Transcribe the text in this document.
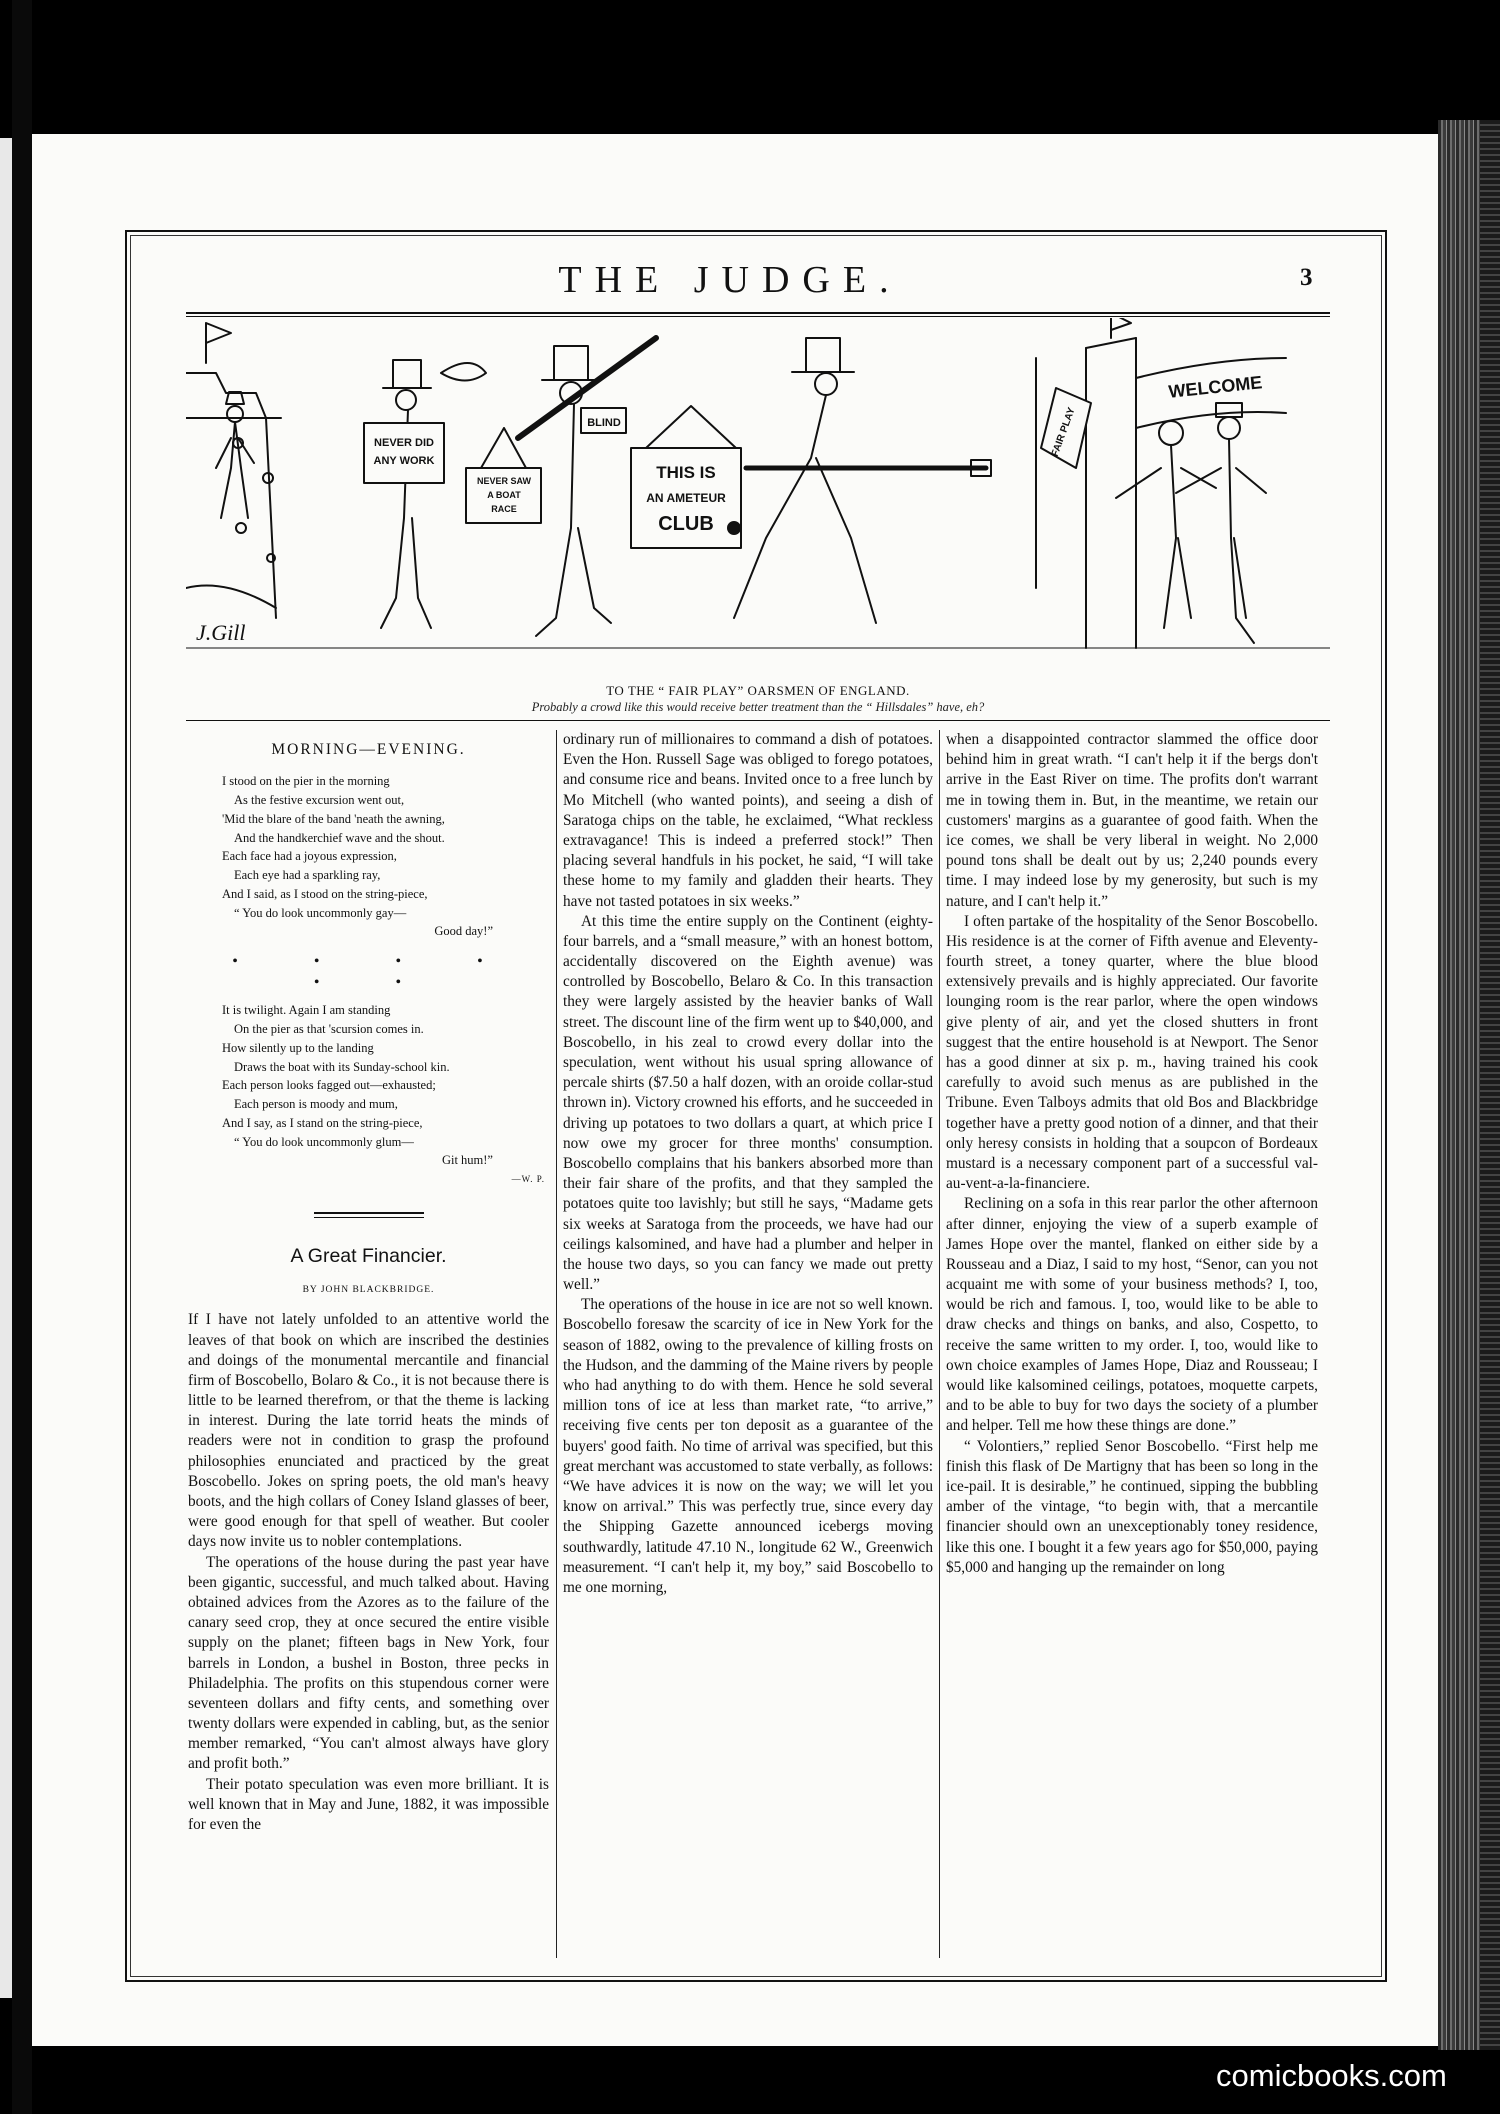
THE JUDGE.	3
NEVER DID
ANY WORK
NEVER SAW
A BOAT
RACE
BLIND
THIS IS
AN AMETEUR
CLUB
FAIR PLAY
WELCOME
J.Gill
TO THE “ FAIR PLAY” OARSMEN OF ENGLAND.
Probably a crowd like this would receive better treatment than the “ Hillsdales” have, eh?
MORNING—EVENING.
I stood on the pier in the morning
As the festive excursion went out,
'Mid the blare of the band 'neath the awning,
And the handkerchief wave and the shout.
Each face had a joyous expression,
Each eye had a sparkling ray,
And I said, as I stood on the string-piece,
“ You do look uncommonly gay—
Good day!”
• • • • • •
It is twilight. Again I am standing
On the pier as that 'scursion comes in.
How silently up to the landing
Draws the boat with its Sunday-school kin.
Each person looks fagged out—exhausted;
Each person is moody and mum,
And I say, as I stand on the string-piece,
“ You do look uncommonly glum—
Git hum!”
—W. P.
A Great Financier.
BY JOHN BLACKBRIDGE.

If I have not lately unfolded to an attentive world the leaves of that book on which are inscribed the destinies and doings of the monumental mercantile and financial firm of Boscobello, Bolaro & Co., it is not because there is little to be learned therefrom, or that the theme is lacking in interest. During the late torrid heats the minds of readers were not in condition to grasp the profound philosophies enunciated and practiced by the great Boscobello. Jokes on spring poets, the old man's heavy boots, and the high collars of Coney Island glasses of beer, were good enough for that spell of weather. But cooler days now invite us to nobler contemplations.

The operations of the house during the past year have been gigantic, successful, and much talked about. Having obtained advices from the Azores as to the failure of the canary seed crop, they at once secured the entire visible supply on the planet; fifteen bags in New York, four barrels in London, a bushel in Boston, three pecks in Philadelphia. The profits on this stupendous corner were seventeen dollars and fifty cents, and something over twenty dollars were expended in cabling, but, as the senior member remarked, “You can't almost always have glory and profit both.”

Their potato speculation was even more brilliant. It is well known that in May and June, 1882, it was impossible for even the

ordinary run of millionaires to command a dish of potatoes. Even the Hon. Russell Sage was obliged to forego potatoes, and consume rice and beans. Invited once to a free lunch by Mo Mitchell (who wanted points), and seeing a dish of Saratoga chips on the table, he exclaimed, “What reckless extravagance! This is indeed a preferred stock!” Then placing several handfuls in his pocket, he said, “I will take these home to my family and gladden their hearts. They have not tasted potatoes in six weeks.”

At this time the entire supply on the Continent (eighty-four barrels, and a “small measure,” with an honest bottom, accidentally discovered on the Eighth avenue) was controlled by Boscobello, Belaro & Co. In this transaction they were largely assisted by the heavier banks of Wall street. The discount line of the firm went up to $40,000, and Boscobello, in his zeal to crowd every dollar into the speculation, went without his usual spring allowance of percale shirts ($7.50 a half dozen, with an oroide collar-stud thrown in). Victory crowned his efforts, and he succeeded in driving up potatoes to two dollars a quart, at which price I now owe my grocer for three months' consumption. Boscobello complains that his bankers absorbed more than their fair share of the profits, and that they sampled the potatoes quite too lavishly; but still he says, “Madame gets six weeks at Saratoga from the proceeds, we have had our ceilings kalsomined, and have had a plumber and helper in the house two days, so you can fancy we made out pretty well.”

The operations of the house in ice are not so well known. Boscobello foresaw the scarcity of ice in New York for the season of 1882, owing to the prevalence of killing frosts on the Hudson, and the damming of the Maine rivers by people who had anything to do with them. Hence he sold several million tons of ice at less than market rate, “to arrive,” receiving five cents per ton deposit as a guarantee of the buyers' good faith. No time of arrival was specified, but this great merchant was accustomed to state verbally, as follows: “We have advices it is now on the way; we will let you know on arrival.” This was perfectly true, since every day the Shipping Gazette announced icebergs moving southwardly, latitude 47.10 N., longitude 62 W., Greenwich measurement. “I can't help it, my boy,” said Boscobello to me one morning,

when a disappointed contractor slammed the office door behind him in great wrath. “I can't help it if the bergs don't arrive in the East River on time. The profits don't warrant me in towing them in. But, in the meantime, we retain our customers' margins as a guarantee of good faith. When the ice comes, we shall be very liberal in weight. No 2,000 pound tons shall be dealt out by us; 2,240 pounds every time. I may indeed lose by my generosity, but such is my nature, and I can't help it.”

I often partake of the hospitality of the Senor Boscobello. His residence is at the corner of Fifth avenue and Eleventy-fourth street, a toney quarter, where the blue blood extensively prevails and is highly appreciated. Our favorite lounging room is the rear parlor, where the open windows give plenty of air, and yet the closed shutters in front suggest that the entire household is at Newport. The Senor has a good dinner at six p. m., having trained his cook carefully to avoid such menus as are published in the Tribune. Even Talboys admits that old Bos and Blackbridge together have a pretty good notion of a dinner, and that their only heresy consists in holding that a soupcon of Bordeaux mustard is a necessary component part of a successful val-au-vent-a-la-financiere.

Reclining on a sofa in this rear parlor the other afternoon after dinner, enjoying the view of a superb example of James Hope over the mantel, flanked on either side by a Rousseau and a Diaz, I said to my host, “Senor, can you not acquaint me with some of your business methods? I, too, would be rich and famous. I, too, would like to be able to draw checks and things on banks, and also, Cospetto, to receive the same written to my order. I, too, would like to own choice examples of James Hope, Diaz and Rousseau; I would like kalsomined ceilings, potatoes, moquette carpets, and to be able to buy for two days the society of a plumber and helper. Tell me how these things are done.”

“ Volontiers,” replied Senor Boscobello. “First help me finish this flask of De Martigny that has been so long in the ice-pail. It is desirable,” he continued, sipping the bubbling amber of the vintage, “to begin with, that a mercantile financier should own an unexceptionably toney residence, like this one. I bought it a few years ago for $50,000, paying $5,000 and hanging up the remainder on long

comicbooks.com
